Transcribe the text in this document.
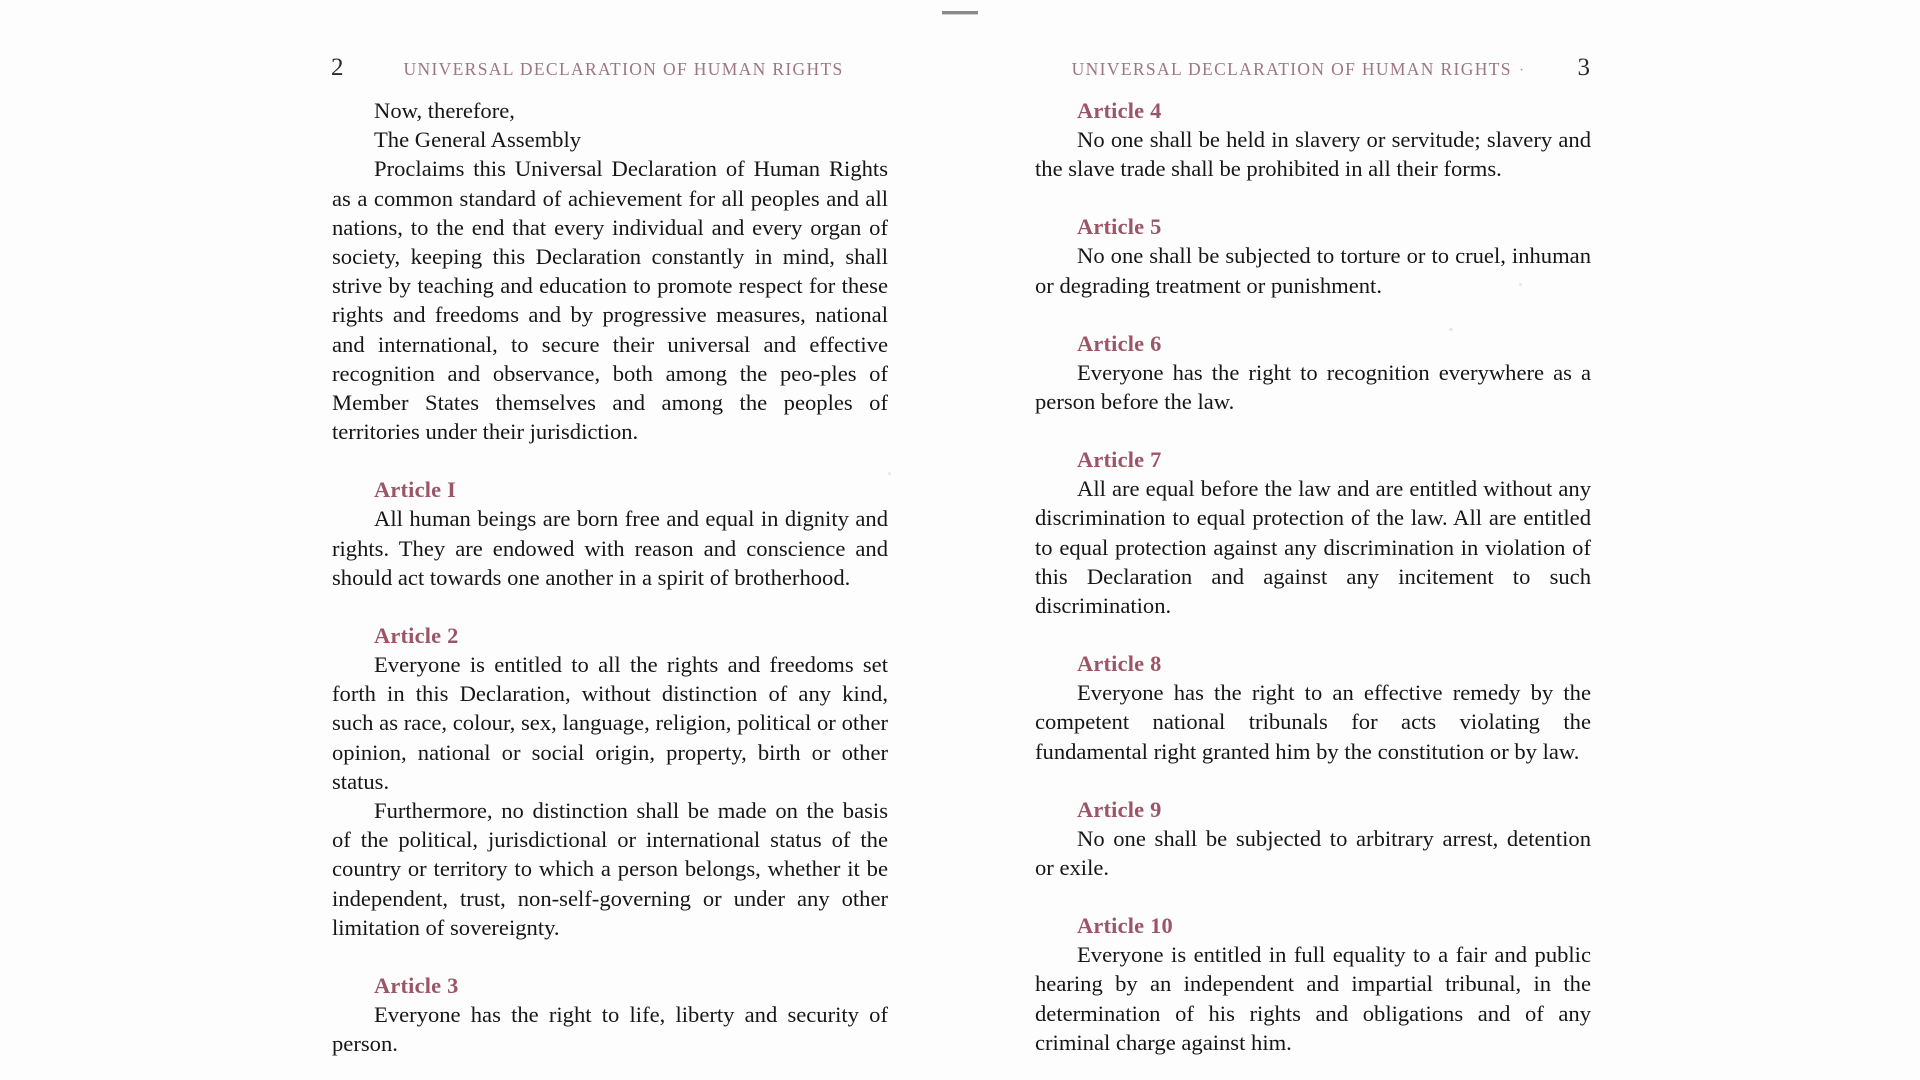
2	UNIVERSAL DECLARATION OF HUMAN RIGHTS

Now, therefore,

The General Assembly

Proclaims this Universal Declaration of Human Rights as a common standard of achievement for all peoples and all nations, to the end that every individual and every organ of society, keeping this Declaration constantly in mind, shall strive by teaching and education to promote respect for these rights and freedoms and by progressive measures, national and international, to secure their universal and effective recognition and observance, both among the peo-ples of Member States themselves and among the peoples of territories under their jurisdiction.

Article I

All human beings are born free and equal in dignity and rights. They are endowed with reason and conscience and should act towards one another in a spirit of brotherhood.

Article 2

Everyone is entitled to all the rights and freedoms set forth in this Declaration, without distinction of any kind, such as race, colour, sex, language, religion, political or other opinion, national or social origin, property, birth or other status.

Furthermore, no distinction shall be made on the basis of the political, jurisdictional or international status of the country or territory to which a person belongs, whether it be independent, trust, non-self-governing or under any other limitation of sovereignty.

Article 3

Everyone has the right to life, liberty and security of person.

UNIVERSAL DECLARATION OF HUMAN RIGHTS · 3

Article 4

No one shall be held in slavery or servitude; slavery and the slave trade shall be prohibited in all their forms.

Article 5

No one shall be subjected to torture or to cruel, inhuman or degrading treatment or punishment.

Article 6

Everyone has the right to recognition everywhere as a person before the law.

Article 7

All are equal before the law and are entitled without any discrimination to equal protection of the law. All are entitled to equal protection against any discrimination in violation of this Declaration and against any incitement to such discrimination.

Article 8

Everyone has the right to an effective remedy by the competent national tribunals for acts violating the fundamental right granted him by the constitution or by law.

Article 9

No one shall be subjected to arbitrary arrest, detention or exile.

Article 10

Everyone is entitled in full equality to a fair and public hearing by an independent and impartial tribunal, in the determination of his rights and obligations and of any criminal charge against him.
